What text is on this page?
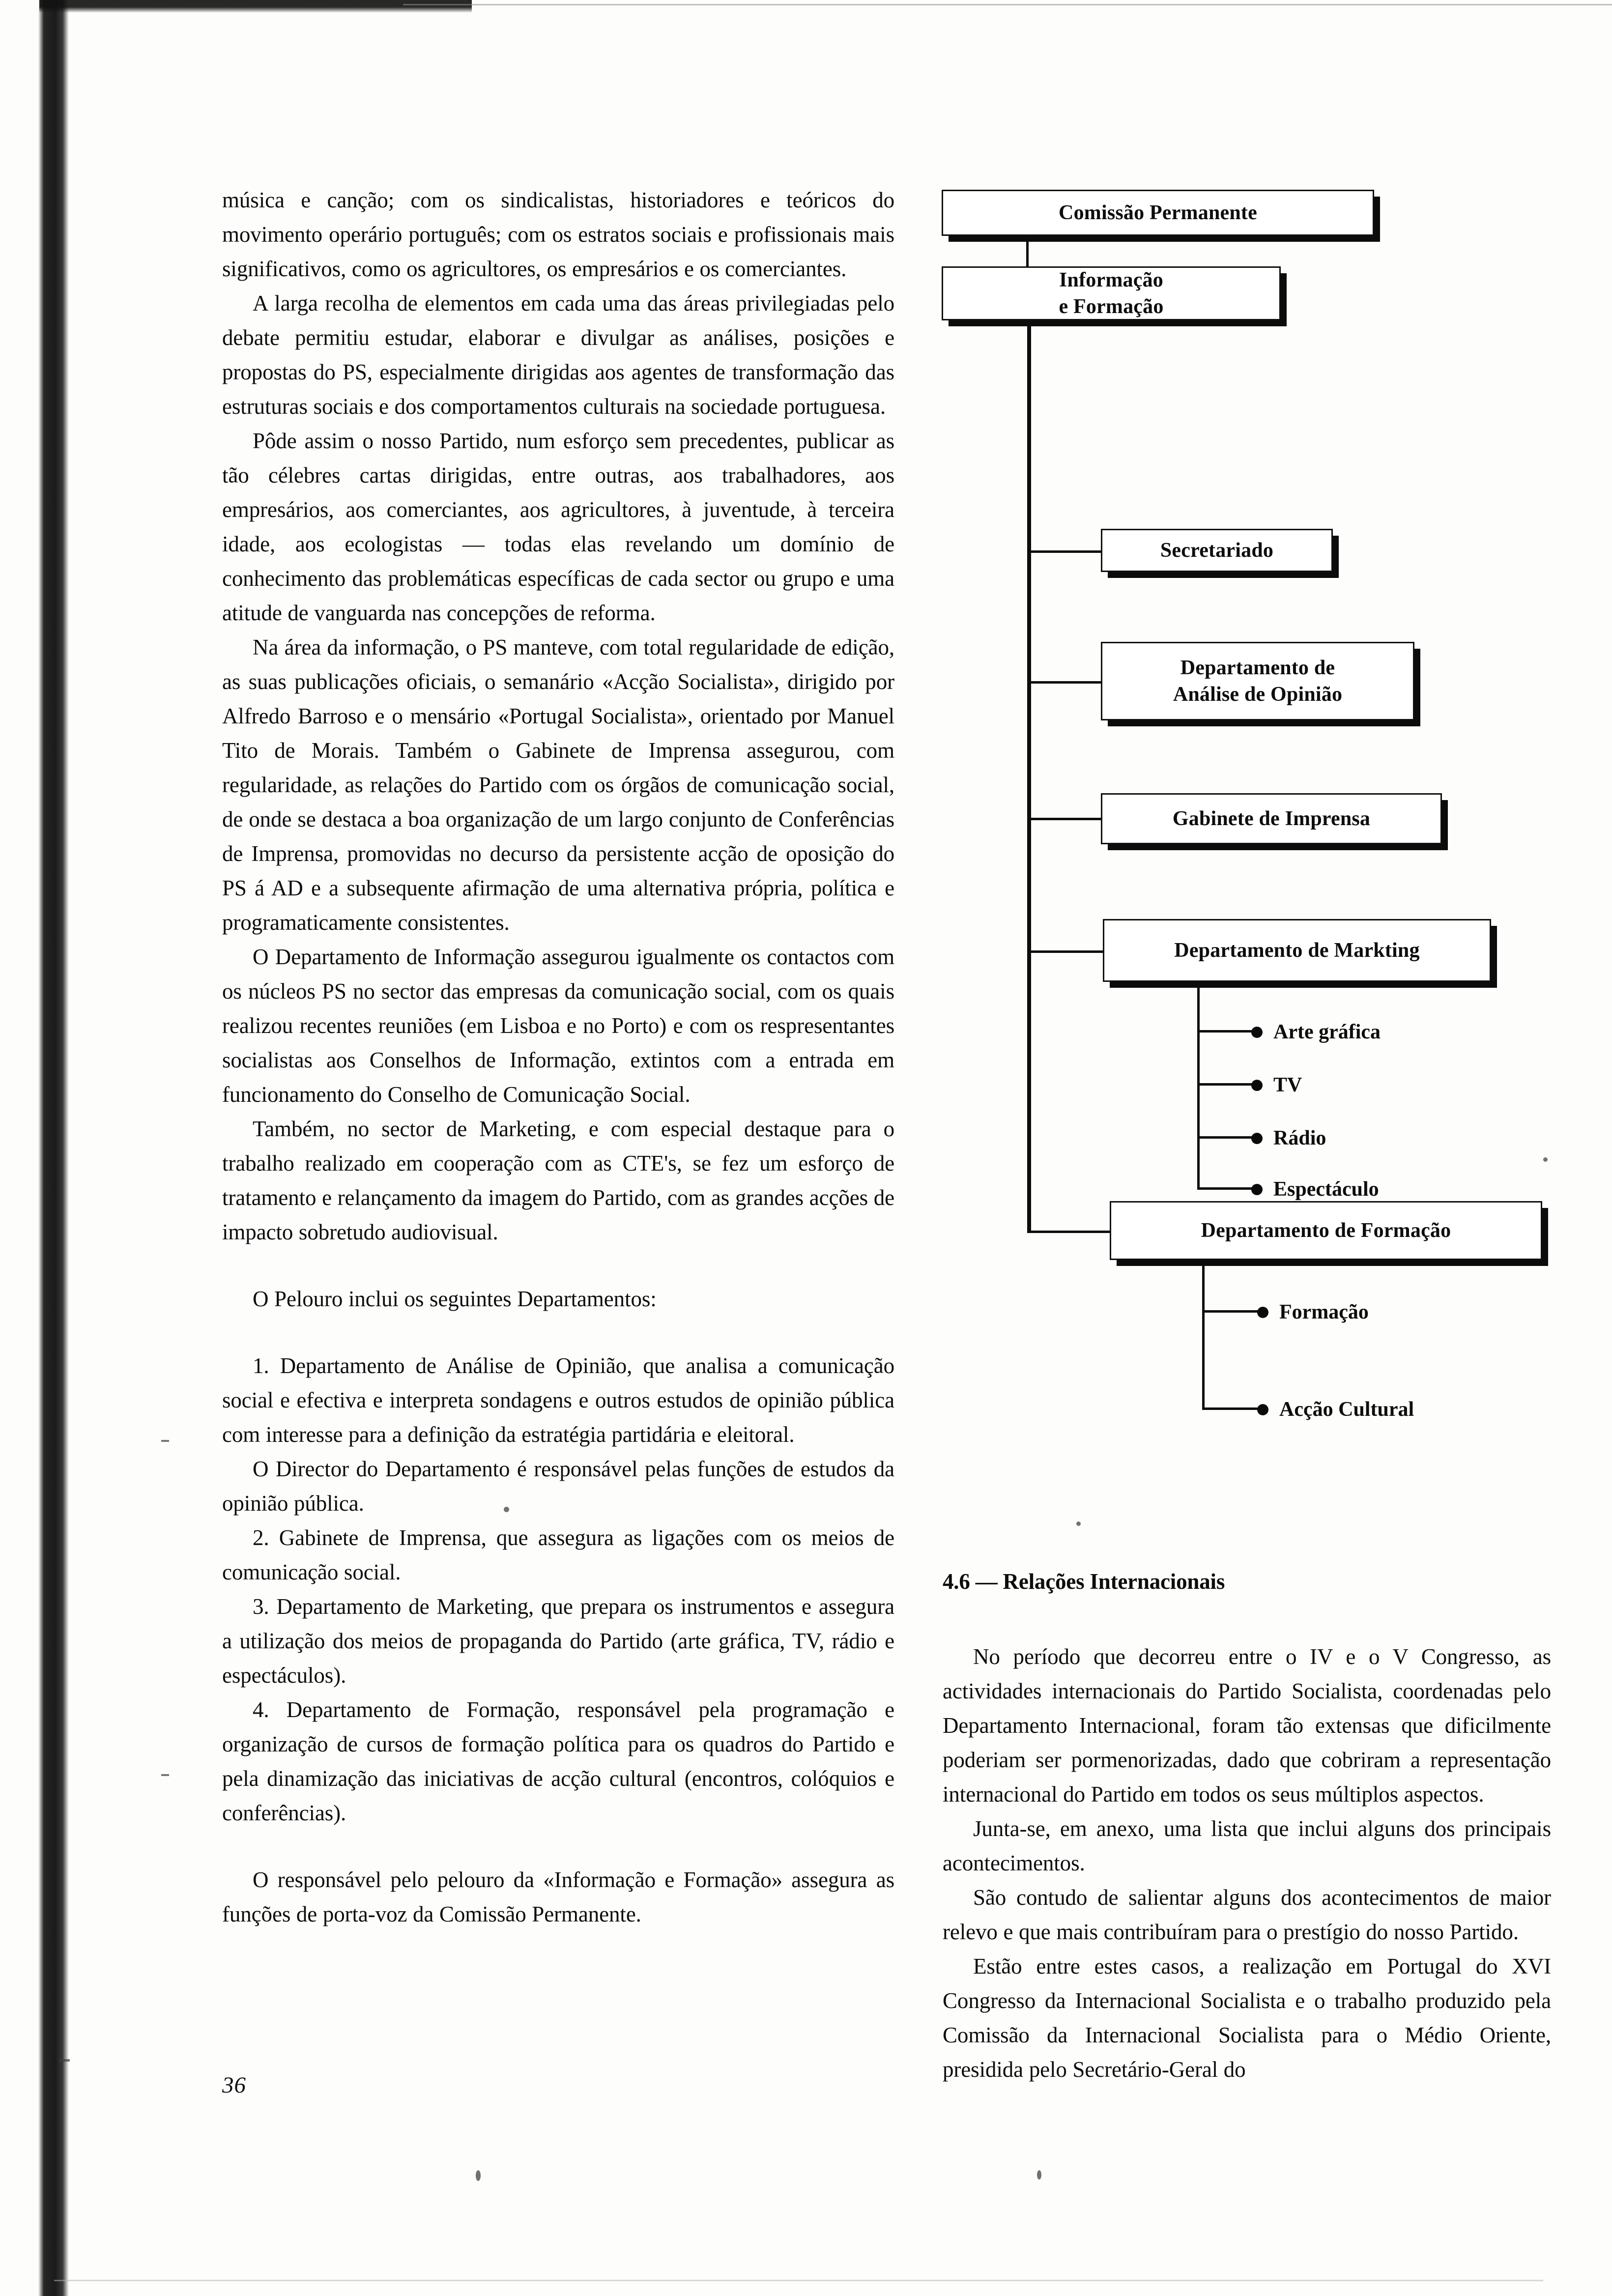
música e canção; com os sindicalistas, historiadores e teóricos do movimento operário português; com os estratos sociais e profissionais mais significativos, como os agricultores, os empresários e os comerciantes.

A larga recolha de elementos em cada uma das áreas privilegiadas pelo debate permitiu estudar, elaborar e divulgar as análises, posições e propostas do PS, especialmente dirigidas aos agentes de transformação das estruturas sociais e dos comportamentos culturais na sociedade portuguesa.

Pôde assim o nosso Partido, num esforço sem precedentes, publicar as tão célebres cartas dirigidas, entre outras, aos trabalhadores, aos empresários, aos comerciantes, aos agricultores, à juventude, à terceira idade, aos ecologistas — todas elas revelando um domínio de conhecimento das problemáticas específicas de cada sector ou grupo e uma atitude de vanguarda nas concepções de reforma.

Na área da informação, o PS manteve, com total regularidade de edição, as suas publicações oficiais, o semanário «Acção Socialista», dirigido por Alfredo Barroso e o mensário «Portugal Socialista», orientado por Manuel Tito de Morais. Também o Gabinete de Imprensa assegurou, com regularidade, as relações do Partido com os órgãos de comunicação social, de onde se destaca a boa organização de um largo conjunto de Conferências de Imprensa, promovidas no decurso da persistente acção de oposição do PS á AD e a subsequente afirmação de uma alternativa própria, política e programaticamente consistentes.

O Departamento de Informação assegurou igualmente os contactos com os núcleos PS no sector das empresas da comunicação social, com os quais realizou recentes reuniões (em Lisboa e no Porto) e com os respresentantes socialistas aos Conselhos de Informação, extintos com a entrada em funcionamento do Conselho de Comunicação Social.

Também, no sector de Marketing, e com especial destaque para o trabalho realizado em cooperação com as CTE's, se fez um esforço de tratamento e relançamento da imagem do Partido, com as grandes acções de impacto sobretudo audiovisual.

O Pelouro inclui os seguintes Departamentos:

1. Departamento de Análise de Opinião, que analisa a comunicação social e efectiva e interpreta sondagens e outros estudos de opinião pública com interesse para a definição da estratégia partidária e eleitoral.

O Director do Departamento é responsável pelas funções de estudos da opinião pública.

2. Gabinete de Imprensa, que assegura as ligações com os meios de comunicação social.

3. Departamento de Marketing, que prepara os instrumentos e assegura a utilização dos meios de propaganda do Partido (arte gráfica, TV, rádio e espectáculos).

4. Departamento de Formação, responsável pela programação e organização de cursos de formação política para os quadros do Partido e pela dinamização das iniciativas de acção cultural (encontros, colóquios e conferências).

O responsável pelo pelouro da «Informação e Formação» assegura as funções de porta-voz da Comissão Permanente.

36
Comissão Permanente
Informação
e Formação
Secretariado
Departamento de
Análise de Opinião
Gabinete de Imprensa
Departamento de Markting
Arte gráfica
TV
Rádio
Espectáculo
Departamento de Formação
Formação
Acção Cultural
4.6 — Relações Internacionais

No período que decorreu entre o IV e o V Congresso, as actividades internacionais do Partido Socialista, coordenadas pelo Departamento Internacional, foram tão extensas que dificilmente poderiam ser pormenorizadas, dado que cobriram a representação internacional do Partido em todos os seus múltiplos aspectos.

Junta-se, em anexo, uma lista que inclui alguns dos principais acontecimentos.

São contudo de salientar alguns dos acontecimentos de maior relevo e que mais contribuíram para o prestígio do nosso Partido.

Estão entre estes casos, a realização em Portugal do XVI Congresso da Internacional Socialista e o trabalho produzido pela Comissão da Internacional Socialista para o Médio Oriente, presidida pelo Secretário-Geral do
